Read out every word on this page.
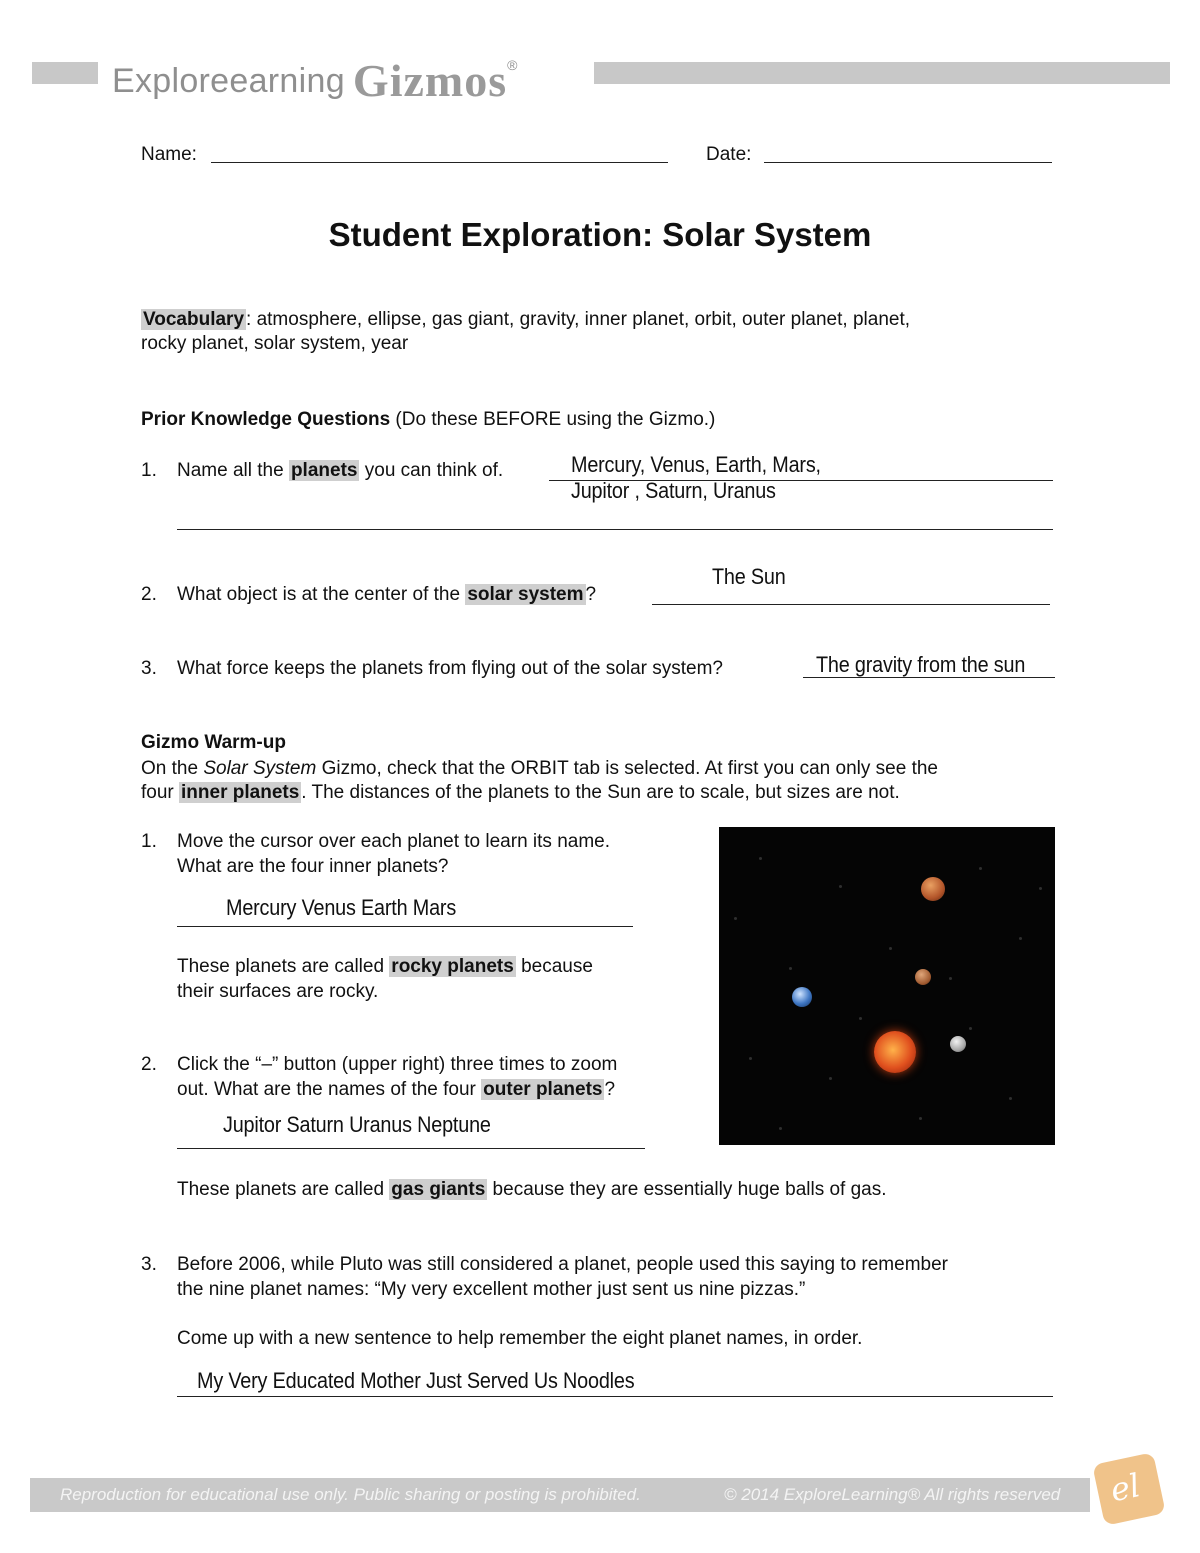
Exploreearning Gizmos®
Name:	Date:
Student Exploration: Solar System
Vocabulary : atmosphere, ellipse, gas giant, gravity, inner planet, orbit, outer planet, planet,
rocky planet, solar system, year
Prior Knowledge Questions (Do these BEFORE using the Gizmo.)
1. Name all the planets you can think of.	Mercury, Venus, Earth, Mars,
Jupitor , Saturn, Uranus
2. What object is at the center of the solar system ?
The Sun
3. What force keeps the planets from flying out of the solar system?	The gravity from the sun
Gizmo Warm-up
On the Solar System Gizmo, check that the ORBIT tab is selected. At first you can only see the
four inner planets . The distances of the planets to the Sun are to scale, but sizes are not.
1. Move the cursor over each planet to learn its name.
What are the four inner planets?
Mercury Venus Earth Mars
These planets are called rocky planets because
their surfaces are rocky.
2. Click the “–” button (upper right) three times to zoom
out. What are the names of the four outer planets ?
Jupitor Saturn Uranus Neptune
These planets are called gas giants because they are essentially huge balls of gas.
3. Before 2006, while Pluto was still considered a planet, people used this saying to remember
the nine planet names: “My very excellent mother just sent us nine pizzas.”
Come up with a new sentence to help remember the eight planet names, in order.
My Very Educated Mother Just Served Us Noodles
Reproduction for educational use only. Public sharing or posting is prohibited.	© 2014 ExploreLearning® All rights reserved el
